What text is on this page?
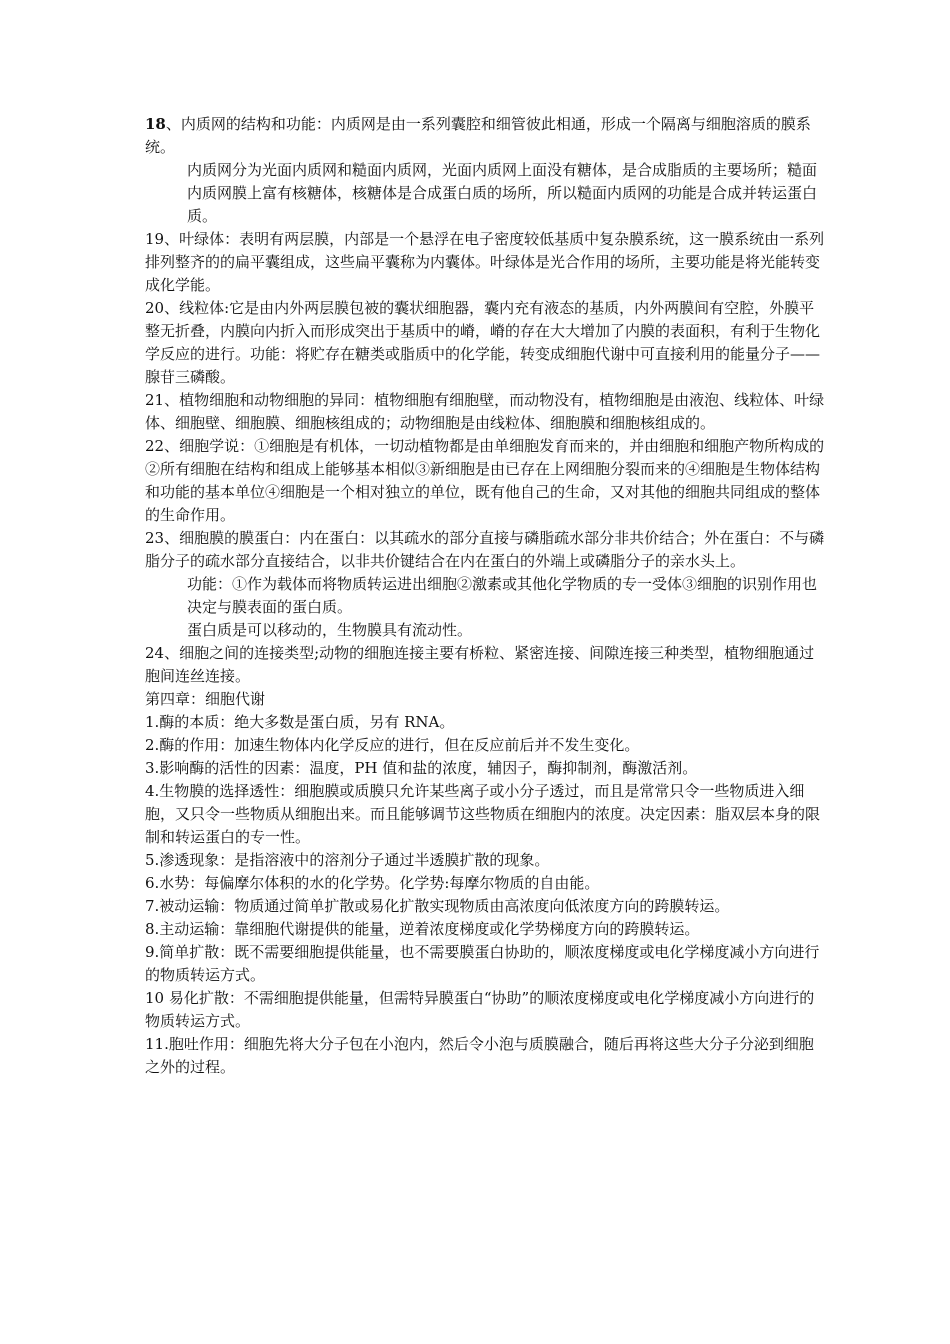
18、内质网的结构和功能：内质网是由一系列囊腔和细管彼此相通，形成一个隔离与细胞溶质的膜系统。

内质网分为光面内质网和糙面内质网，光面内质网上面没有糖体，是合成脂质的主要场所；糙面内质网膜上富有核糖体，核糖体是合成蛋白质的场所，所以糙面内质网的功能是合成并转运蛋白质。

19、叶绿体：表明有两层膜，内部是一个悬浮在电子密度较低基质中复杂膜系统，这一膜系统由一系列排列整齐的的扁平囊组成，这些扁平囊称为内囊体。叶绿体是光合作用的场所，主要功能是将光能转变成化学能。

20、线粒体:它是由内外两层膜包被的囊状细胞器，囊内充有液态的基质，内外两膜间有空腔，外膜平整无折叠，内膜向内折入而形成突出于基质中的嵴，嵴的存在大大增加了内膜的表面积，有利于生物化学反应的进行。功能：将贮存在糖类或脂质中的化学能，转变成细胞代谢中可直接利用的能量分子——腺苷三磷酸。

21、植物细胞和动物细胞的异同：植物细胞有细胞壁，而动物没有，植物细胞是由液泡、线粒体、叶绿体、细胞壁、细胞膜、细胞核组成的；动物细胞是由线粒体、细胞膜和细胞核组成的。

22、细胞学说：①细胞是有机体，一切动植物都是由单细胞发育而来的，并由细胞和细胞产物所构成的②所有细胞在结构和组成上能够基本相似③新细胞是由已存在上网细胞分裂而来的④细胞是生物体结构和功能的基本单位④细胞是一个相对独立的单位，既有他自己的生命，又对其他的细胞共同组成的整体的生命作用。

23、细胞膜的膜蛋白：内在蛋白：以其疏水的部分直接与磷脂疏水部分非共价结合；外在蛋白：不与磷脂分子的疏水部分直接结合，以非共价键结合在内在蛋白的外端上或磷脂分子的亲水头上。

功能：①作为载体而将物质转运进出细胞②激素或其他化学物质的专一受体③细胞的识别作用也决定与膜表面的蛋白质。

蛋白质是可以移动的，生物膜具有流动性。

24、细胞之间的连接类型;动物的细胞连接主要有桥粒、紧密连接、间隙连接三种类型，植物细胞通过胞间连丝连接。

第四章：细胞代谢

1.酶的本质：绝大多数是蛋白质，另有 RNA。

2.酶的作用：加速生物体内化学反应的进行，但在反应前后并不发生变化。

3.影响酶的活性的因素：温度，PH 值和盐的浓度，辅因子，酶抑制剂，酶激活剂。

4.生物膜的选择透性：细胞膜或质膜只允许某些离子或小分子透过，而且是常常只令一些物质进入细胞，又只令一些物质从细胞出来。而且能够调节这些物质在细胞内的浓度。决定因素：脂双层本身的限制和转运蛋白的专一性。

5.渗透现象：是指溶液中的溶剂分子通过半透膜扩散的现象。

6.水势：每偏摩尔体积的水的化学势。化学势:每摩尔物质的自由能。

7.被动运输：物质通过简单扩散或易化扩散实现物质由高浓度向低浓度方向的跨膜转运。

8.主动运输：靠细胞代谢提供的能量，逆着浓度梯度或化学势梯度方向的跨膜转运。

9.简单扩散：既不需要细胞提供能量，也不需要膜蛋白协助的，顺浓度梯度或电化学梯度减小方向进行的物质转运方式。

10 易化扩散：不需细胞提供能量，但需特异膜蛋白“协助”的顺浓度梯度或电化学梯度减小方向进行的物质转运方式。

11.胞吐作用：细胞先将大分子包在小泡内，然后令小泡与质膜融合，随后再将这些大分子分泌到细胞之外的过程。
